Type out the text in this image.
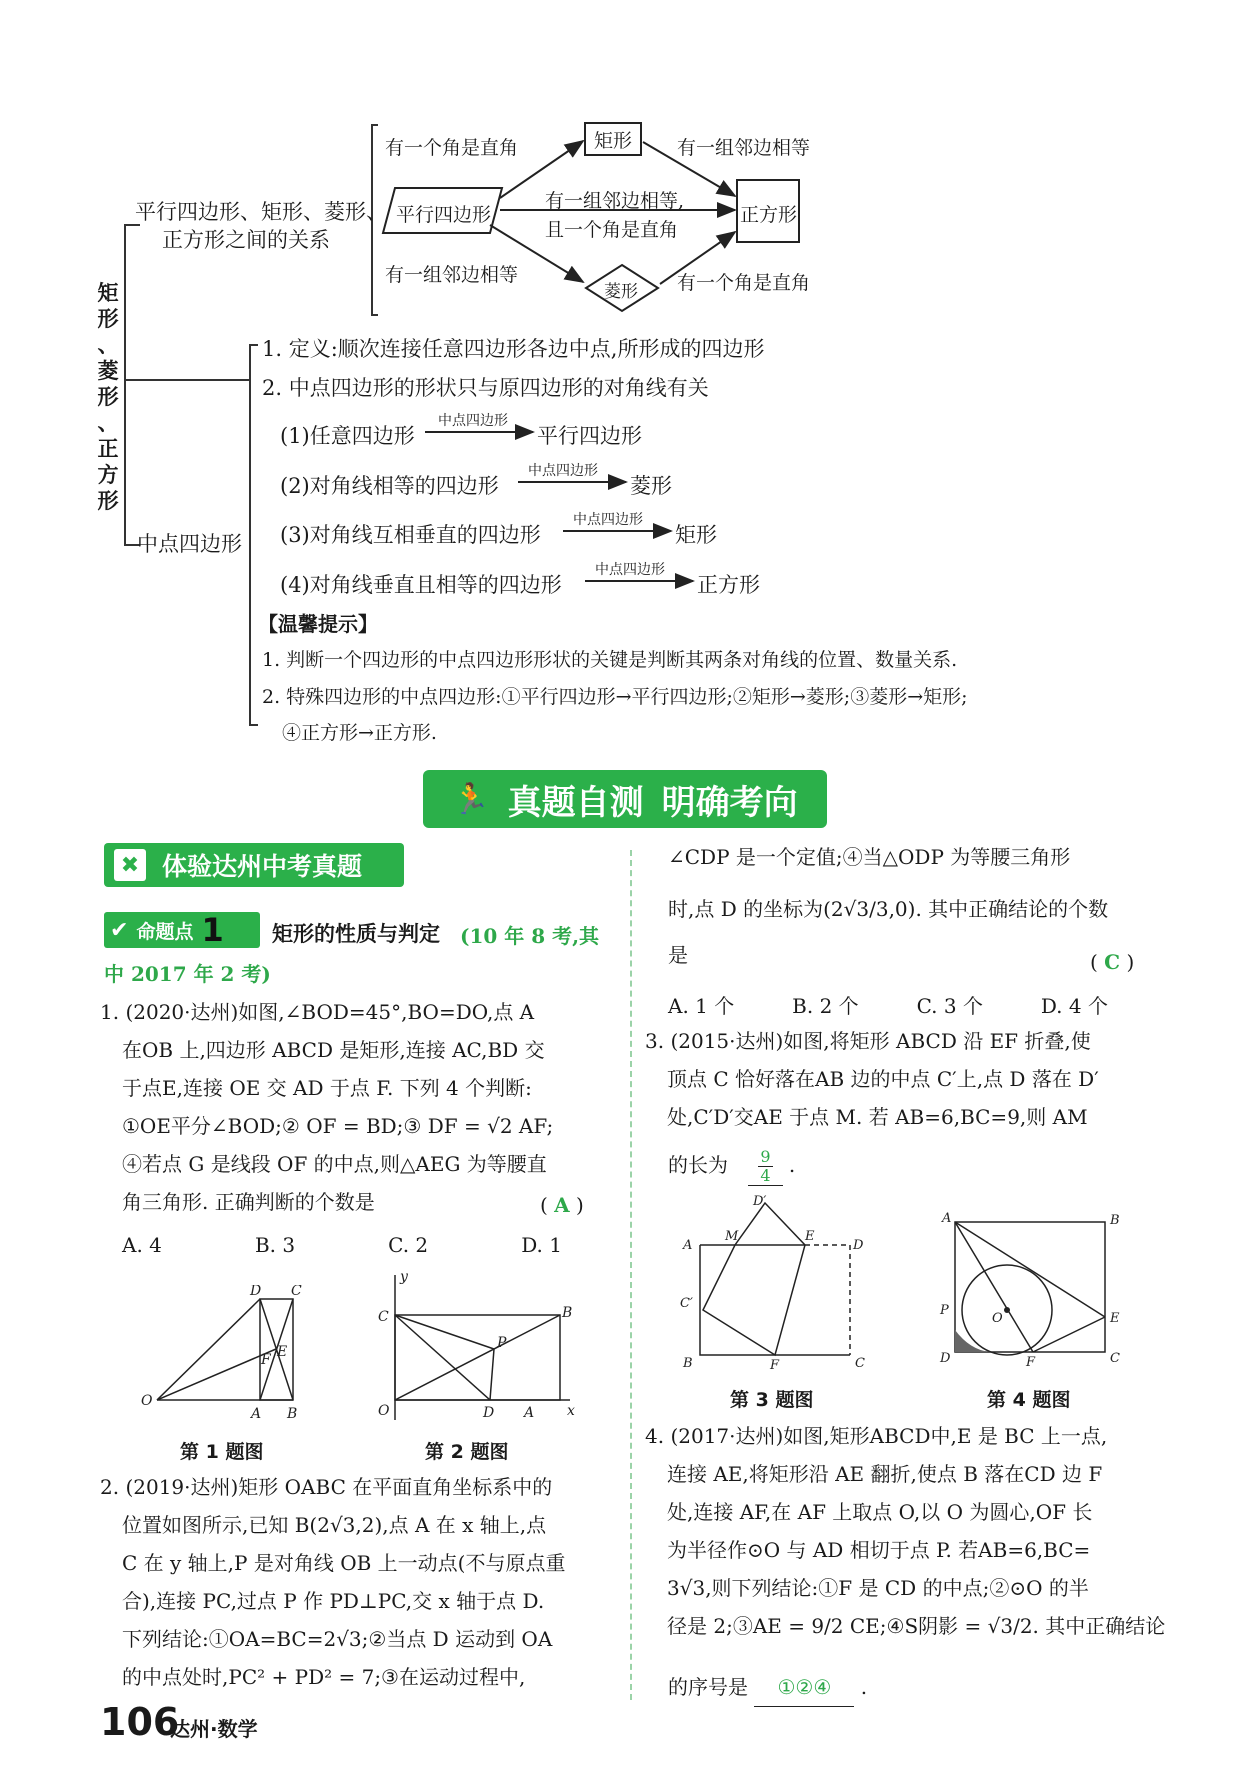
矩
形
、
菱
形
、
正
方
形
平行四边形、矩形、菱形、
正方形之间的关系
平行四边形
矩形
正方形
菱形
有一个角是直角	有一组邻边相等
有一组邻边相等,
且一个角是直角
有一组邻边相等	有一个角是直角
中点四边形
1. 定义:顺次连接任意四边形各边中点,所形成的四边形
2. 中点四边形的形状只与原四边形的对角线有关
(1)任意四边形
中点四边形
平行四边形
(2)对角线相等的四边形
中点四边形
菱形
(3)对角线互相垂直的四边形
中点四边形
矩形
(4)对角线垂直且相等的四边形
中点四边形
正方形
【温馨提示】
1. 判断一个四边形的中点四边形形状的关键是判断其两条对角线的位置、数量关系.
2. 特殊四边形的中点四边形:①平行四边形→平行四边形;②矩形→菱形;③菱形→矩形;
④正方形→正方形.
🏃 真题自测 明确考向
✖ 体验达州中考真题
✔ 命题点 1 矩形的性质与判定 (10 年 8 考,其
中 2017 年 2 考)
1. (2020·达州)如图,∠BOD=45°,BO=DO,点 A
在OB 上,四边形 ABCD 是矩形,连接 AC,BD 交
于点E,连接 OE 交 AD 于点 F. 下列 4 个判断:
①OE平分∠BOD;② OF = BD;③ DF = √2 AF;
④若点 G 是线段 OF 的中点,则△AEG 为等腰直
角三角形. 正确判断的个数是	( A )
A. 4	B. 3	C. 2	D. 1
O
D C
A B
E
F
第 1 题图
y
x
O
C	B
P
D A
第 2 题图
2. (2019·达州)矩形 OABC 在平面直角坐标系中的
位置如图所示,已知 B(2√3,2),点 A 在 x 轴上,点
C 在 y 轴上,P 是对角线 OB 上一动点(不与原点重
合),连接 PC,过点 P 作 PD⊥PC,交 x 轴于点 D.
下列结论:①OA=BC=2√3;②当点 D 运动到 OA
的中点处时,PC² + PD² = 7;③在运动过程中,
∠CDP 是一个定值;④当△ODP 为等腰三角形
时,点 D 的坐标为(2√3/3,0). 其中正确结论的个数
是	( C )
A. 1 个	B. 2 个	C. 3 个	D. 4 个
3. (2015·达州)如图,将矩形 ABCD 沿 EF 折叠,使
顶点 C 恰好落在AB 边的中点 C′上,点 D 落在 D′
处,C′D′交AE 于点 M. 若 AB=6,BC=9,则 AM
的长为 $\frac{9}{4}$ .
D′
M	E
A	D
C′
B	F	C
第 3 题图
A	B
P
O	E
D	F	C
第 4 题图
4. (2017·达州)如图,矩形ABCD中,E 是 BC 上一点,
连接 AE,将矩形沿 AE 翻折,使点 B 落在CD 边 F
处,连接 AF,在 AF 上取点 O,以 O 为圆心,OF 长
为半径作⊙O 与 AD 相切于点 P. 若AB=6,BC=
3√3,则下列结论:①F 是 CD 的中点;②⊙O 的半
径是 2;③AE = 9/2 CE;④S阴影 = √3/2. 其中正确结论
的序号是 ①②④ .
106
达州·数学
